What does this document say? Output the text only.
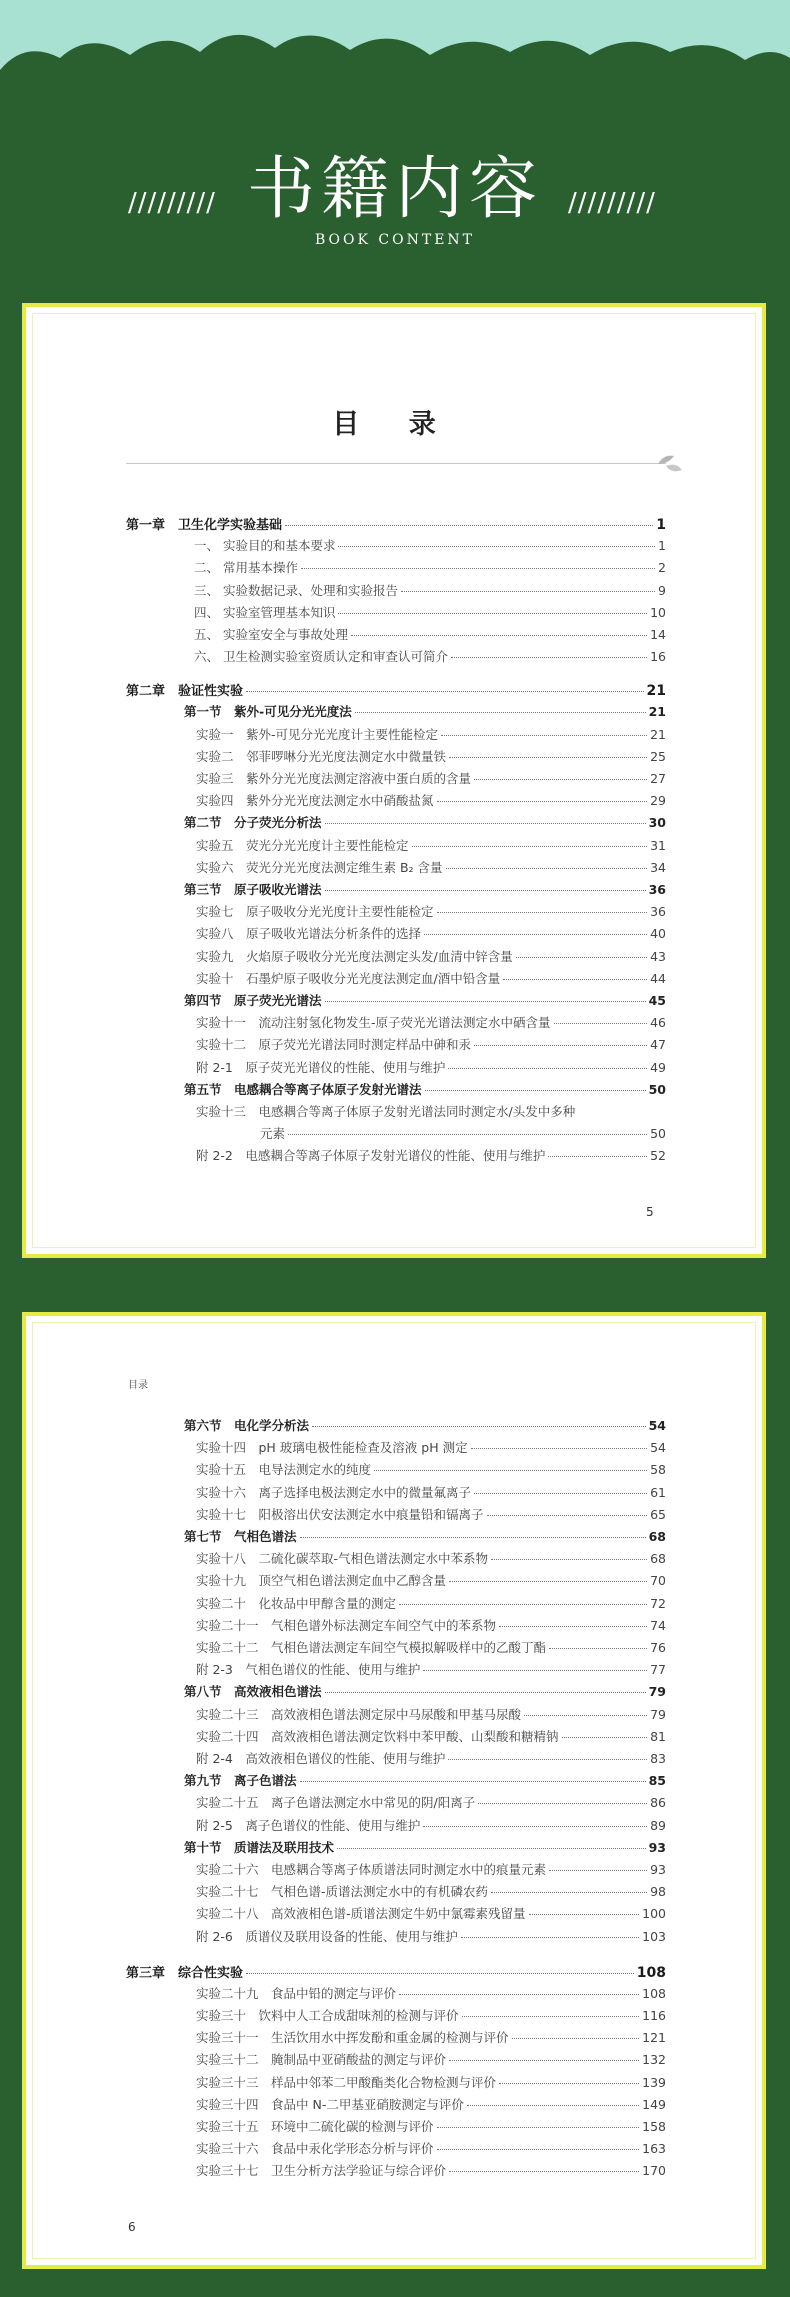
/////////	/////////
书籍内容
BOOK CONTENT
目 录
第一章　卫生化学实验基础	1
一、 实验目的和基本要求	1
二、 常用基本操作	2
三、 实验数据记录、处理和实验报告	9
四、 实验室管理基本知识	10
五、 实验室安全与事故处理	14
六、 卫生检测实验室资质认定和审查认可简介	16
第二章　验证性实验	21
第一节　紫外-可见分光光度法	21
实验一　紫外-可见分光光度计主要性能检定	21
实验二　邻菲啰啉分光光度法测定水中微量铁	25
实验三　紫外分光光度法测定溶液中蛋白质的含量	27
实验四　紫外分光光度法测定水中硝酸盐氮	29
第二节　分子荧光分析法	30
实验五　荧光分光光度计主要性能检定	31
实验六　荧光分光光度法测定维生素 B₂ 含量	34
第三节　原子吸收光谱法	36
实验七　原子吸收分光光度计主要性能检定	36
实验八　原子吸收光谱法分析条件的选择	40
实验九　火焰原子吸收分光光度法测定头发/血清中锌含量	43
实验十　石墨炉原子吸收分光光度法测定血/酒中铅含量	44
第四节　原子荧光光谱法	45
实验十一　流动注射氢化物发生-原子荧光光谱法测定水中硒含量	46
实验十二　原子荧光光谱法同时测定样品中砷和汞	47
附 2-1　原子荧光光谱仪的性能、使用与维护	49
第五节　电感耦合等离子体原子发射光谱法	50
实验十三　电感耦合等离子体原子发射光谱法同时测定水/头发中多种
元素	50
附 2-2　电感耦合等离子体原子发射光谱仪的性能、使用与维护	52
5
目录
第六节　电化学分析法	54
实验十四　pH 玻璃电极性能检查及溶液 pH 测定	54
实验十五　电导法测定水的纯度	58
实验十六　离子选择电极法测定水中的微量氟离子	61
实验十七　阳极溶出伏安法测定水中痕量铅和镉离子	65
第七节　气相色谱法	68
实验十八　二硫化碳萃取-气相色谱法测定水中苯系物	68
实验十九　顶空气相色谱法测定血中乙醇含量	70
实验二十　化妆品中甲醇含量的测定	72
实验二十一　气相色谱外标法测定车间空气中的苯系物	74
实验二十二　气相色谱法测定车间空气模拟解吸样中的乙酸丁酯	76
附 2-3　气相色谱仪的性能、使用与维护	77
第八节　高效液相色谱法	79
实验二十三　高效液相色谱法测定尿中马尿酸和甲基马尿酸	79
实验二十四　高效液相色谱法测定饮料中苯甲酸、山梨酸和糖精钠	81
附 2-4　高效液相色谱仪的性能、使用与维护	83
第九节　离子色谱法	85
实验二十五　离子色谱法测定水中常见的阴/阳离子	86
附 2-5　离子色谱仪的性能、使用与维护	89
第十节　质谱法及联用技术	93
实验二十六　电感耦合等离子体质谱法同时测定水中的痕量元素	93
实验二十七　气相色谱-质谱法测定水中的有机磷农药	98
实验二十八　高效液相色谱-质谱法测定牛奶中氯霉素残留量	100
附 2-6　质谱仪及联用设备的性能、使用与维护	103
第三章　综合性实验	108
实验二十九　食品中铅的测定与评价	108
实验三十　饮料中人工合成甜味剂的检测与评价	116
实验三十一　生活饮用水中挥发酚和重金属的检测与评价	121
实验三十二　腌制品中亚硝酸盐的测定与评价	132
实验三十三　样品中邻苯二甲酸酯类化合物检测与评价	139
实验三十四　食品中 N-二甲基亚硝胺测定与评价	149
实验三十五　环境中二硫化碳的检测与评价	158
实验三十六　食品中汞化学形态分析与评价	163
实验三十七　卫生分析方法学验证与综合评价	170
6
